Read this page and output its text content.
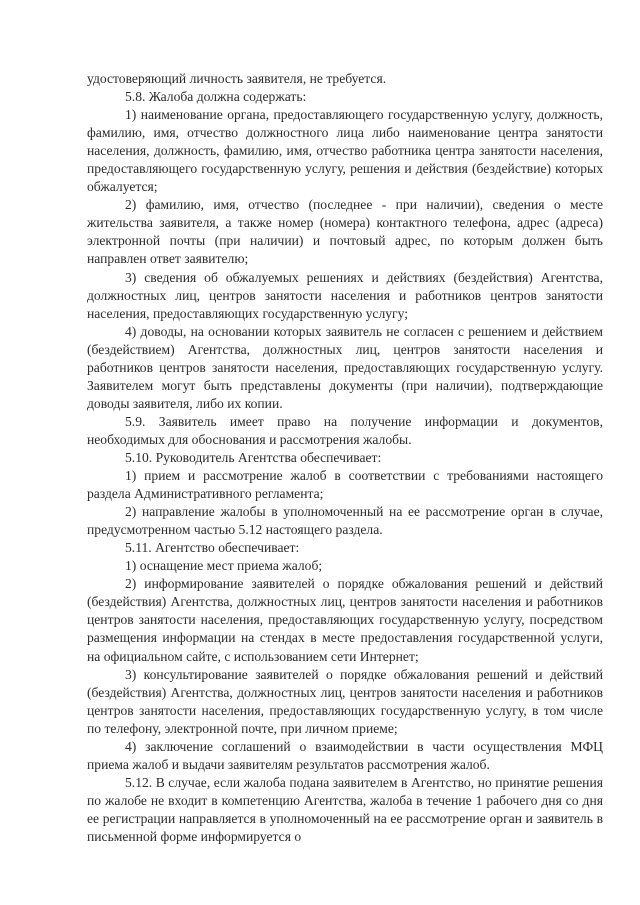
удостоверяющий личность заявителя, не требуется.

5.8. Жалоба должна содержать:

1) наименование органа, предоставляющего государственную услугу, должность, фамилию, имя, отчество должностного лица либо наименование центра занятости населения, должность, фамилию, имя, отчество работника центра занятости населения, предоставляющего государственную услугу, решения и действия (бездействие) которых обжалуется;

2) фамилию, имя, отчество (последнее - при наличии), сведения о месте жительства заявителя, а также номер (номера) контактного телефона, адрес (адреса) электронной почты (при наличии) и почтовый адрес, по которым должен быть направлен ответ заявителю;

3) сведения об обжалуемых решениях и действиях (бездействия) Агентства, должностных лиц, центров занятости населения и работников центров занятости населения, предоставляющих государственную услугу;

4) доводы, на основании которых заявитель не согласен с решением и действием (бездействием) Агентства, должностных лиц, центров занятости населения и работников центров занятости населения, предоставляющих государственную услугу. Заявителем могут быть представлены документы (при наличии), подтверждающие доводы заявителя, либо их копии.

5.9. Заявитель имеет право на получение информации и документов, необходимых для обоснования и рассмотрения жалобы.

5.10. Руководитель Агентства обеспечивает:

1) прием и рассмотрение жалоб в соответствии с требованиями настоящего раздела Административного регламента;

2) направление жалобы в уполномоченный на ее рассмотрение орган в случае, предусмотренном частью 5.12 настоящего раздела.

5.11. Агентство обеспечивает:

1) оснащение мест приема жалоб;

2) информирование заявителей о порядке обжалования решений и действий (бездействия) Агентства, должностных лиц, центров занятости населения и работников центров занятости населения, предоставляющих государственную услугу, посредством размещения информации на стендах в месте предоставления государственной услуги, на официальном сайте, с использованием сети Интернет;

3) консультирование заявителей о порядке обжалования решений и действий (бездействия) Агентства, должностных лиц, центров занятости населения и работников центров занятости населения, предоставляющих государственную услугу, в том числе по телефону, электронной почте, при личном приеме;

4) заключение соглашений о взаимодействии в части осуществления МФЦ приема жалоб и выдачи заявителям результатов рассмотрения жалоб.

5.12. В случае, если жалоба подана заявителем в Агентство, но принятие решения по жалобе не входит в компетенцию Агентства, жалоба в течение 1 рабочего дня со дня ее регистрации направляется в уполномоченный на ее рассмотрение орган и заявитель в письменной форме информируется о
